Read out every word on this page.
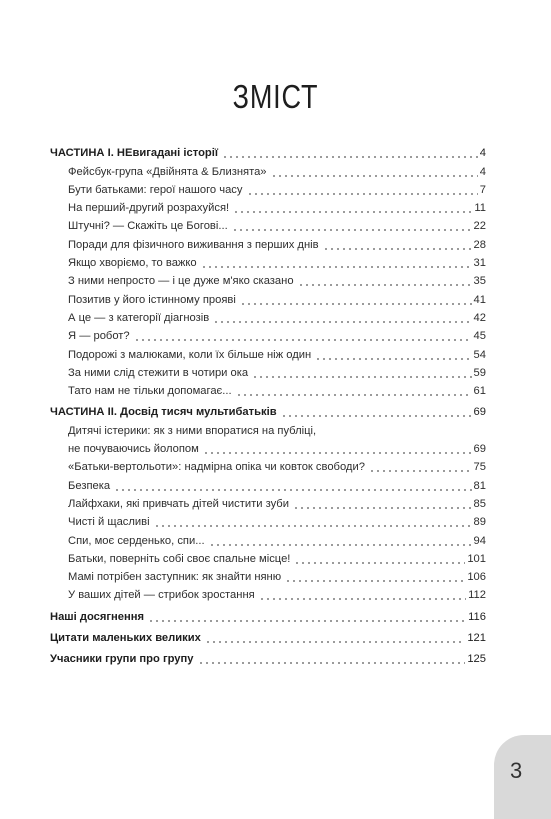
ЗМІСТ
ЧАСТИНА І. НЕвигадані історії	4
Фейсбук-група «Двійнята & Близнята»	4
Бути батьками: герої нашого часу	7
На перший-другий розрахуйся!	11
Штучні? — Скажіть це Богові...	22
Поради для фізичного виживання з перших днів	28
Якщо хворіємо, то важко	31
З ними непросто — і це дуже м'яко сказано	35
Позитив у його істинному прояві	41
А це — з категорії діагнозів	42
Я — робот?	45
Подорожі з малюками, коли їх більше ніж один	54
За ними слід стежити в чотири ока	59
Тато нам не тільки допомагає...	61
ЧАСТИНА ІІ. Досвід тисяч мультибатьків	69
Дитячі істерики: як з ними впоратися на публіці,
не почуваючись йолопом	69
«Батьки-вертольоти»: надмірна опіка чи ковток свободи?	75
Безпека	81
Лайфхаки, які привчать дітей чистити зуби	85
Чисті й щасливі	89
Спи, моє серденько, спи...	94
Батьки, поверніть собі своє спальне місце!	101
Мамі потрібен заступник: як знайти няню	106
У ваших дітей — стрибок зростання	112
Наші досягнення	116
Цитати маленьких великих	121
Учасники групи про групу	125
3
